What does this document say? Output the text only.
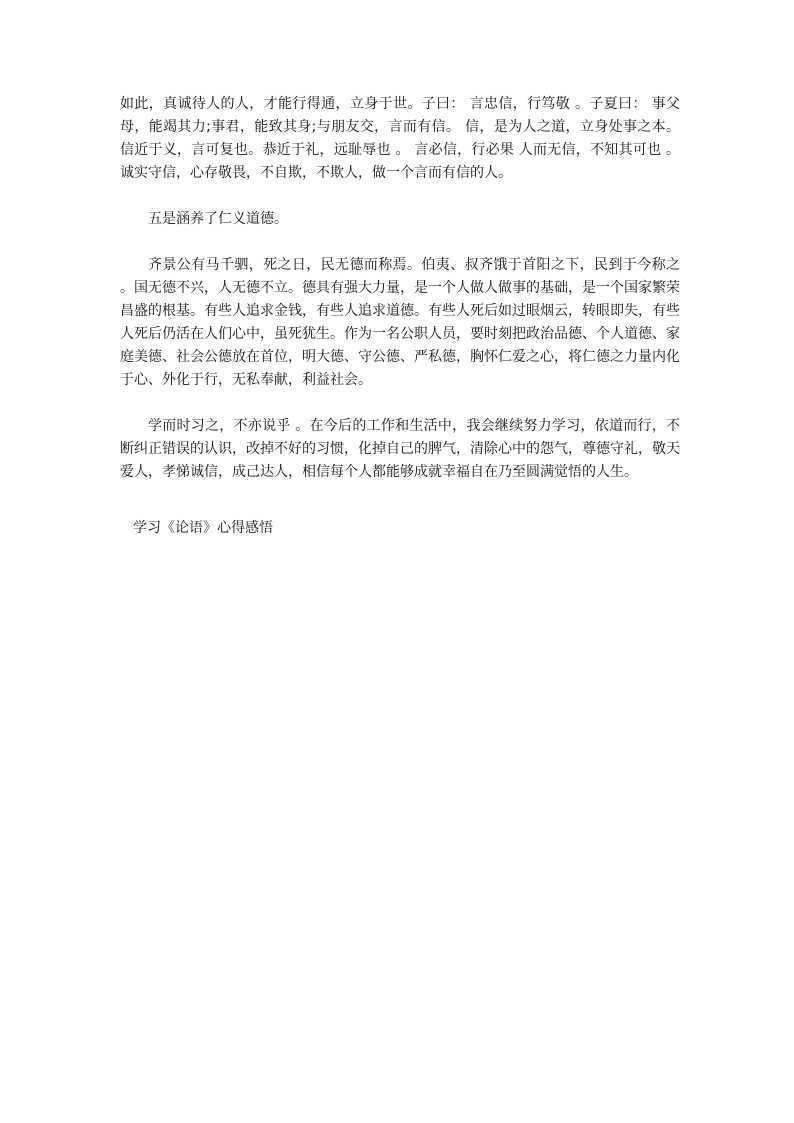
如此，真诚待人的人，才能行得通，立身于世。子曰： 言忠信，行笃敬 。子夏曰： 事父母，能竭其力;事君，能致其身;与朋友交，言而有信。 信，是为人之道，立身处事之本。 信近于义，言可复也。恭近于礼，远耻辱也 。 言必信，行必果 人而无信，不知其可也 。诚实守信，心存敬畏，不自欺，不欺人，做一个言而有信的人。

五是涵养了仁义道德。

齐景公有马千驷，死之日，民无德而称焉。伯夷、叔齐饿于首阳之下，民到于今称之 。国无德不兴，人无德不立。德具有强大力量，是一个人做人做事的基础，是一个国家繁荣昌盛的根基。有些人追求金钱，有些人追求道德。有些人死后如过眼烟云，转眼即失，有些人死后仍活在人们心中，虽死犹生。作为一名公职人员，要时刻把政治品德、个人道德、家庭美德、社会公德放在首位，明大德、守公德、严私德，胸怀仁爱之心，将仁德之力量内化于心、外化于行，无私奉献，利益社会。

学而时习之，不亦说乎 。在今后的工作和生活中，我会继续努力学习，依道而行，不断纠正错误的认识，改掉不好的习惯，化掉自己的脾气，清除心中的怨气，尊德守礼，敬天爱人，孝悌诚信，成己达人，相信每个人都能够成就幸福自在乃至圆满觉悟的人生。

学习《论语》心得感悟
